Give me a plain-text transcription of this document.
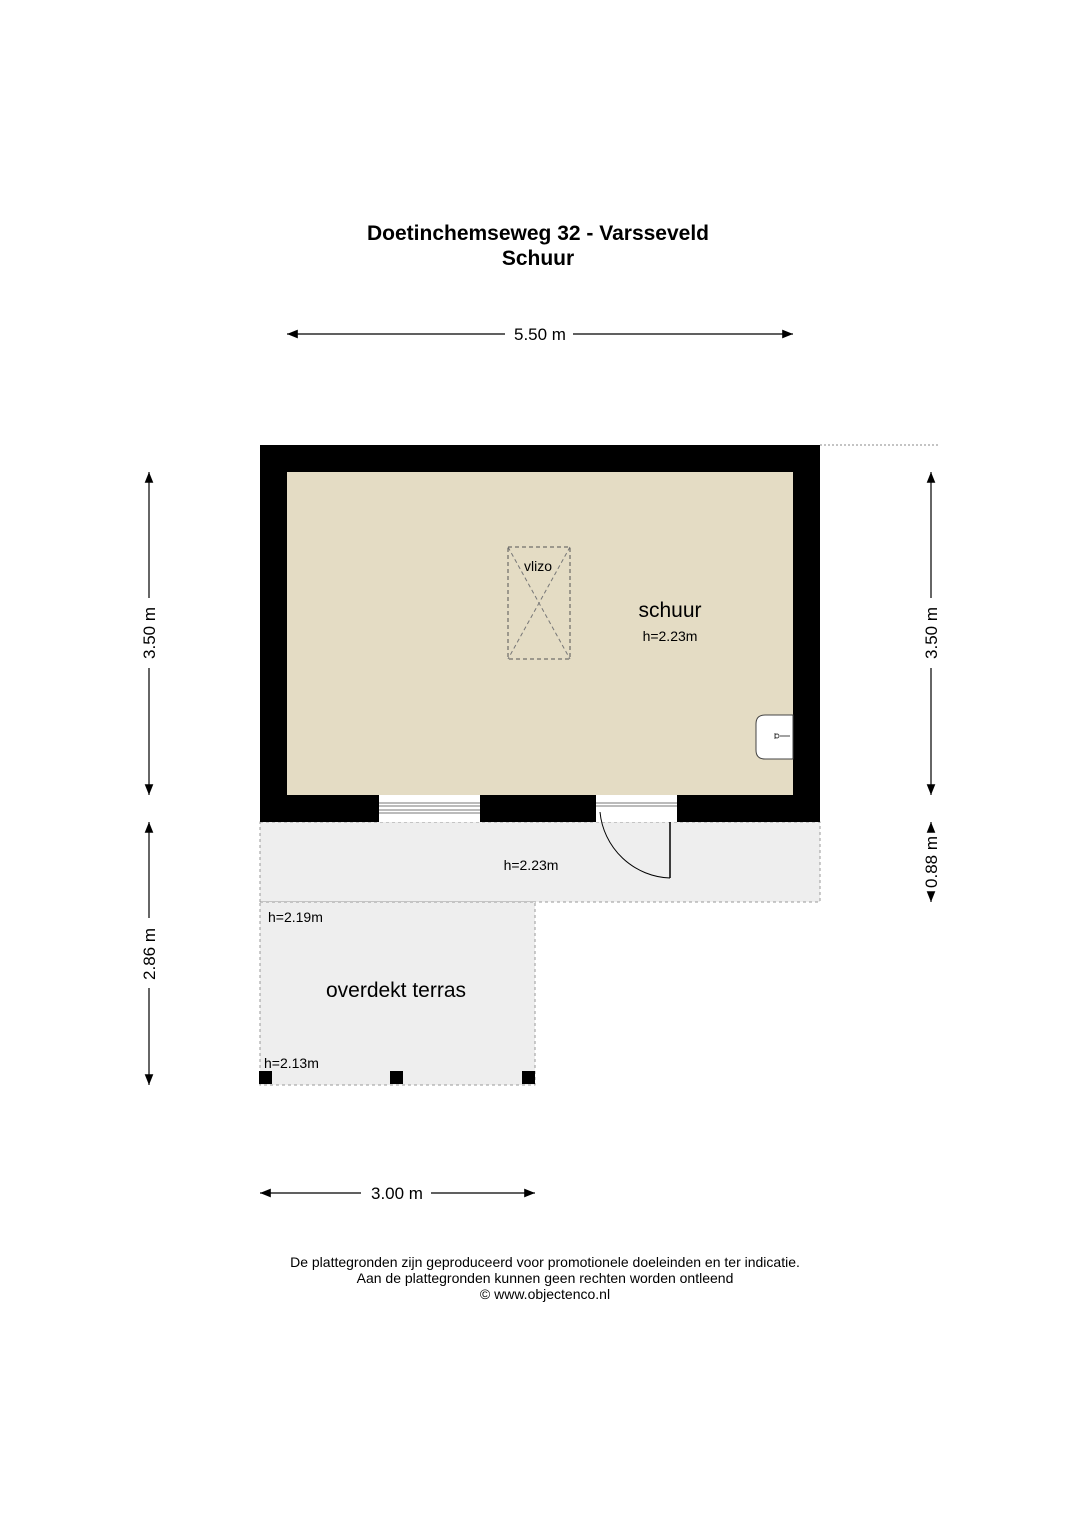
Doetinchemseweg 32 - Varsseveld
Schuur
5.50 m
vlizo
schuur
h=2.23m
h=2.23m
h=2.19m
overdekt terras
h=2.13m
3.50 m
2.86 m
3.50 m
0.88 m
3.00 m
De plattegronden zijn geproduceerd voor promotionele doeleinden en ter indicatie.
Aan de plattegronden kunnen geen rechten worden ontleend
© www.objectenco.nl
